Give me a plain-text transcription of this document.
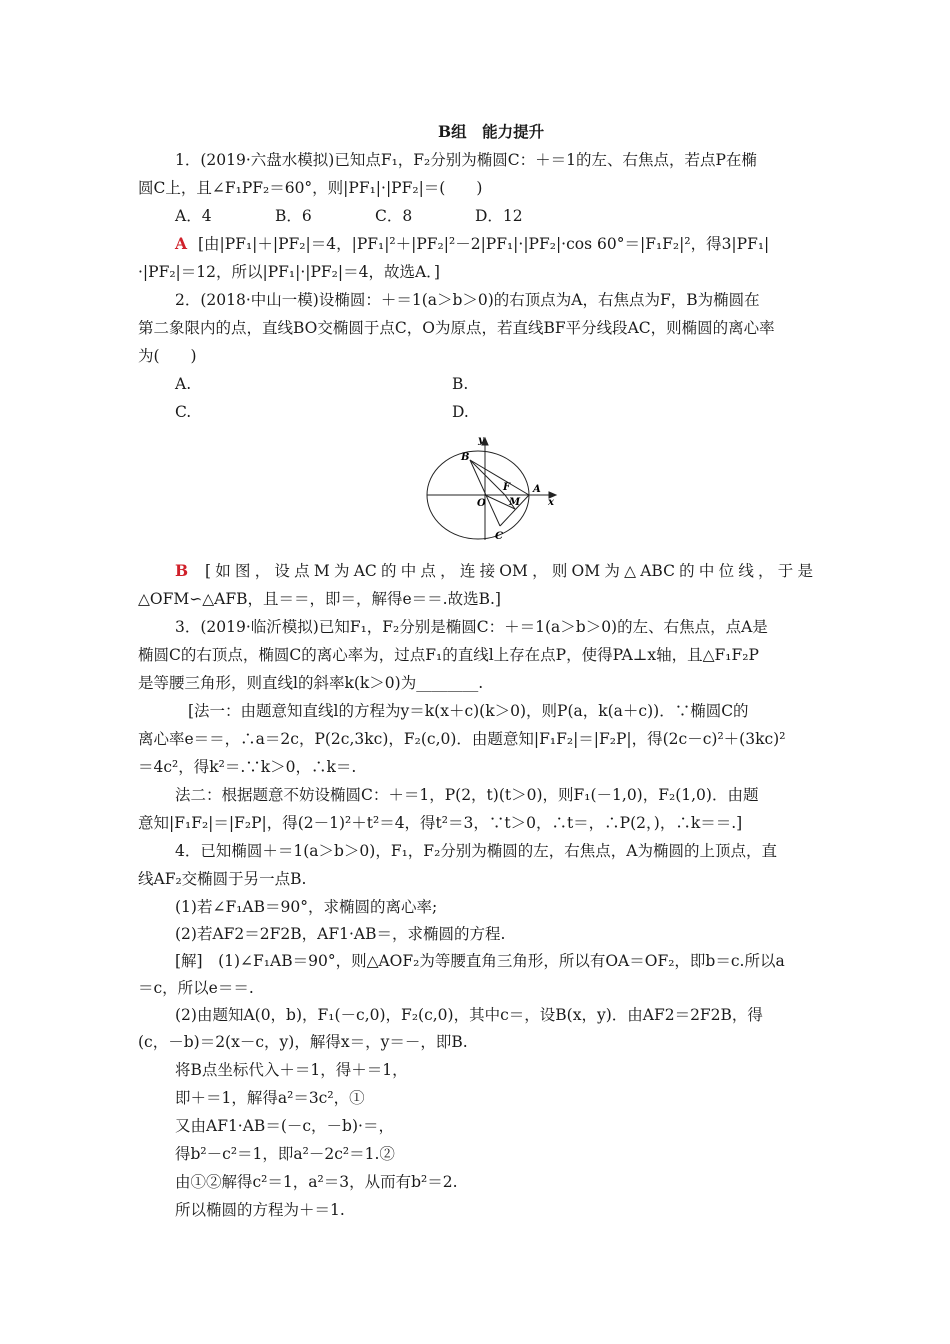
B组　能力提升
1．(2019·六盘水模拟)已知点F₁，F₂分别为椭圆C：＋＝1的左、右焦点，若点P在椭
圆C上，且∠F₁PF₂＝60°，则|PF₁|·|PF₂|＝(　　)
A．4	B．6	C．8	D．12
A [由|PF₁|＋|PF₂|＝4，|PF₁|²＋|PF₂|²－2|PF₁|·|PF₂|·cos 60°＝|F₁F₂|²，得3|PF₁|
·|PF₂|＝12，所以|PF₁|·|PF₂|＝4，故选A．]
2．(2018·中山一模)设椭圆：＋＝1(a＞b＞0)的右顶点为A，右焦点为F，B为椭圆在
第二象限内的点，直线BO交椭圆于点C，O为原点，若直线BF平分线段AC，则椭圆的离心率
为(　　)
A.	B.
C.	D.
y
x
B
A
F
M
O
C
B [如图，设点M为AC的中点，连接OM，则OM为△ABC的中位线，于是
△OFM∽△AFB，且＝＝，即＝，解得e＝＝.故选B.]
3．(2019·临沂模拟)已知F₁，F₂分别是椭圆C：＋＝1(a＞b＞0)的左、右焦点，点A是
椭圆C的右顶点，椭圆C的离心率为，过点F₁的直线l上存在点P，使得PA⊥x轴，且△F₁F₂P
是等腰三角形，则直线l的斜率k(k＞0)为________.
[法一：由题意知直线l的方程为y＝k(x＋c)(k＞0)，则P(a，k(a＋c))．∵椭圆C的
离心率e＝＝，∴a＝2c，P(2c,3kc)，F₂(c,0)．由题意知|F₁F₂|＝|F₂P|，得(2c－c)²＋(3kc)²
＝4c²，得k²＝.∵k＞0，∴k＝.
法二：根据题意不妨设椭圆C：＋＝1，P(2，t)(t＞0)，则F₁(－1,0)，F₂(1,0)．由题
意知|F₁F₂|＝|F₂P|，得(2－1)²＋t²＝4，得t²＝3，∵t＞0，∴t＝，∴P(2，)，∴k＝＝.]
4．已知椭圆＋＝1(a＞b＞0)，F₁，F₂分别为椭圆的左，右焦点，A为椭圆的上顶点，直
线AF₂交椭圆于另一点B.
(1)若∠F₁AB＝90°，求椭圆的离心率;
(2)若AF2＝2F2B，AF1·AB＝，求椭圆的方程.
[解]　(1)∠F₁AB＝90°，则△AOF₂为等腰直角三角形，所以有OA＝OF₂，即b＝c.所以a
＝c，所以e＝＝.
(2)由题知A(0，b)，F₁(－c,0)，F₂(c,0)，其中c＝，设B(x，y)．由AF2＝2F2B，得
(c，－b)＝2(x－c，y)，解得x＝，y＝－，即B.
将B点坐标代入＋＝1，得＋＝1，
即＋＝1，解得a²＝3c²，①
又由AF1·AB＝(－c，－b)·＝，
得b²－c²＝1，即a²－2c²＝1.②
由①②解得c²＝1，a²＝3，从而有b²＝2.
所以椭圆的方程为＋＝1.
